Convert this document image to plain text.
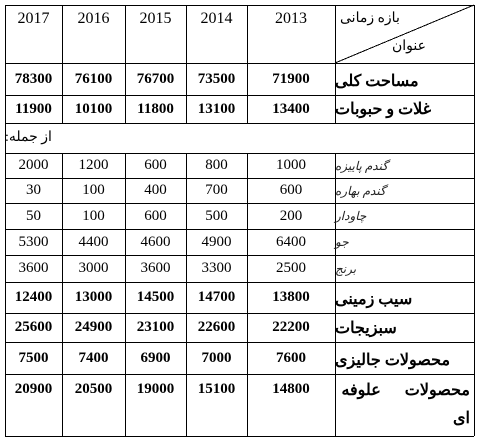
بازه زمانی
عنوان
2013
2014
2015
2016
2017
مساحت کلی
71900
73500
76700
76100
78300
غلات و حبوبات
13400
13100
11800
10100
11900
از جمله:
گندم پاییزه
1000
800
600
1200
2000
گندم بهاره
600
700
400
100
30
چاودار
200
500
600
100
50
جو
6400
4900
4600
4400
5300
برنج
2500
3300
3600
3000
3600
سیب زمینی
13800
14700
14500
13000
12400
سبزیجات
22200
22600
23100
24900
25600
محصولات جالیزی
7600
7000
6900
7400
7500
محصولات      علوفه
ای
14800
15100
19000
20500
20900
